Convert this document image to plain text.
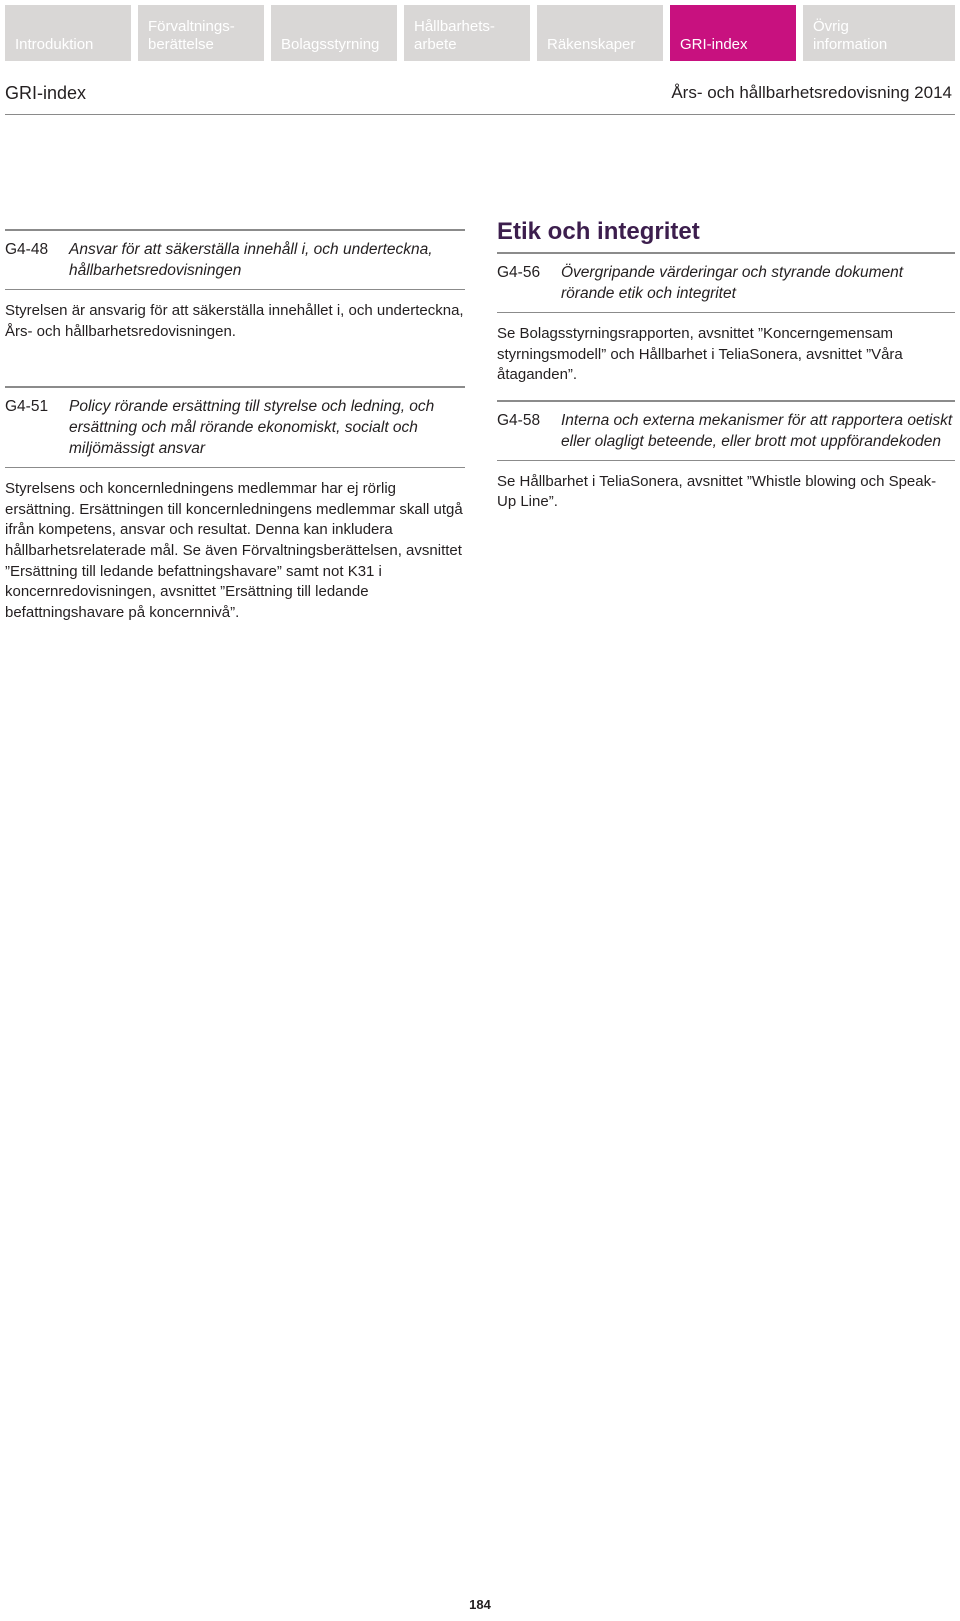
Introduktion
Förvaltnings-
berättelse	Bolagsstyrning
Hållbarhets-
arbete	Räkenskaper	GRI-index
Övrig
information
GRI-index	Års- och hållbarhetsredovisning 2014
G4-48	Ansvar för att säkerställa innehåll i, och underteckna, hållbarhetsredovisningen
Styrelsen är ansvarig för att säkerställa innehållet i, och underteckna, Års- och hållbarhetsredovisningen.
G4-51	Policy rörande ersättning till styrelse och ledning, och ersättning och mål rörande ekonomiskt, socialt och miljömässigt ansvar
Styrelsens och koncernledningens medlemmar har ej rörlig ersättning. Ersättningen till koncernledningens medlemmar skall utgå ifrån kompetens, ansvar och resultat. Denna kan inkludera hållbarhetsrelaterade mål. Se även Förvaltningsberättelsen, avsnittet ”Ersättning till ledande befattningshavare” samt not K31 i koncernredovisningen, avsnittet ”Ersättning till ledande befattningshavare på koncernnivå”.
Etik och integritet
G4-56	Övergripande värderingar och styrande dokument rörande etik och integritet
Se Bolagsstyrningsrapporten, avsnittet ”Koncerngemensam styrningsmodell” och Hållbarhet i TeliaSonera, avsnittet ”Våra åtaganden”.
G4-58	Interna och externa mekanismer för att rapportera oetiskt eller olagligt beteende, eller brott mot uppförandekoden
Se Hållbarhet i TeliaSonera, avsnittet ”Whistle blowing och Speak-Up Line”.
184
